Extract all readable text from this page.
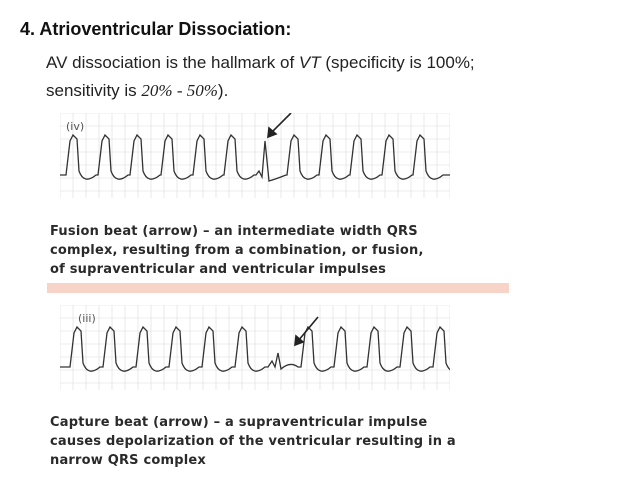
4. Atrioventricular Dissociation:
AV dissociation is the hallmark of VT (specificity is 100%;
sensitivity is 20% - 50%).
(iv)
Fusion beat (arrow) – an intermediate width QRS
complex, resulting from a combination, or fusion,
of supraventricular and ventricular impulses
(iii)
Capture beat (arrow) – a supraventricular impulse
causes depolarization of the ventricular resulting in a
narrow QRS complex
